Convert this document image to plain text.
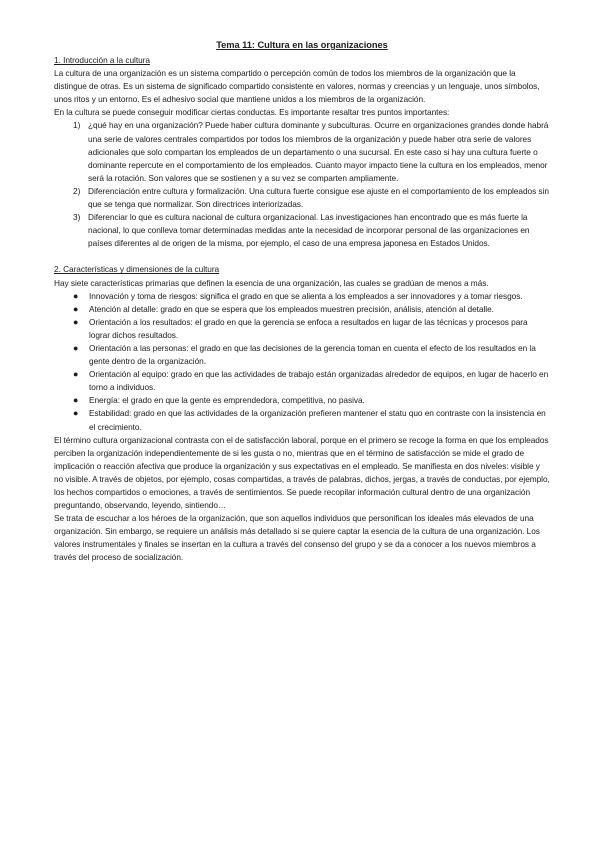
Tema 11: Cultura en las organizaciones
1. Introducción a la cultura

La cultura de una organización es un sistema compartido o percepción común de todos los miembros de la organización que la distingue de otras. Es un sistema de significado compartido consistente en valores, normas y creencias y un lenguaje, unos símbolos, unos ritos y un entorno. Es el adhesivo social que mantiene unidos a los miembros de la organización.

En la cultura se puede conseguir modificar ciertas conductas. Es importante resaltar tres puntos importantes:

1) ¿qué hay en una organización? Puede haber cultura dominante y subculturas. Ocurre en organizaciones grandes donde habrá una serie de valores centrales compartidos por todos los miembros de la organización y puede haber otra serie de valores adicionales que solo compartan los empleados de un departamento o una sucursal. En este caso si hay una cultura fuerte o dominante repercute en el comportamiento de los empleados. Cuanto mayor impacto tiene la cultura en los empleados, menor será la rotación. Son valores que se sostienen y a su vez se comparten ampliamente.
2) Diferenciación entre cultura y formalización. Una cultura fuerte consigue ese ajuste en el comportamiento de los empleados sin que se tenga que normalizar. Son directrices interiorizadas.
3) Diferenciar lo que es cultura nacional de cultura organizacional. Las investigaciones han encontrado que es más fuerte la nacional, lo que conlleva tomar determinadas medidas ante la necesidad de incorporar personal de las organizaciones en países diferentes al de origen de la misma, por ejemplo, el caso de una empresa japonesa en Estados Unidos.
2. Características y dimensiones de la cultura

Hay siete características primarias que definen la esencia de una organización, las cuales se gradúan de menos a más.

● Innovación y toma de riesgos: significa el grado en que se alienta a los empleados a ser innovadores y a tomar riesgos.
● Atención al detalle: grado en que se espera que los empleados muestren precisión, análisis, atención al detalle.
● Orientación a los resultados: el grado en que la gerencia se enfoca a resultados en lugar de las técnicas y procesos para lograr dichos resultados.
● Orientación a las personas: el grado en que las decisiones de la gerencia toman en cuenta el efecto de los resultados en la gente dentro de la organización.
● Orientación al equipo: grado en que las actividades de trabajo están organizadas alrededor de equipos, en lugar de hacerlo en torno a individuos.
● Energía: el grado en que la gente es emprendedora, competitiva, no pasiva.
● Estabilidad: grado en que las actividades de la organización prefieren mantener el statu quo en contraste con la insistencia en el crecimiento.

El término cultura organizacional contrasta con el de satisfacción laboral, porque en el primero se recoge la forma en que los empleados perciben la organización independientemente de si les gusta o no, mientras que en el término de satisfacción se mide el grado de implicación o reacción afectiva que produce la organización y sus expectativas en el empleado. Se manifiesta en dos niveles: visible y no visible. A través de objetos, por ejemplo, cosas compartidas, a través de palabras, dichos, jergas, a través de conductas, por ejemplo, los hechos compartidos o emociones, a través de sentimientos. Se puede recopilar información cultural dentro de una organización preguntando, observando, leyendo, sintiendo…

Se trata de escuchar a los héroes de la organización, que son aquellos individuos que personifican los ideales más elevados de una organización. Sin embargo, se requiere un análisis más detallado si se quiere captar la esencia de la cultura de una organización. Los valores instrumentales y finales se insertan en la cultura a través del consenso del grupo y se da a conocer a los nuevos miembros a través del proceso de socialización.
